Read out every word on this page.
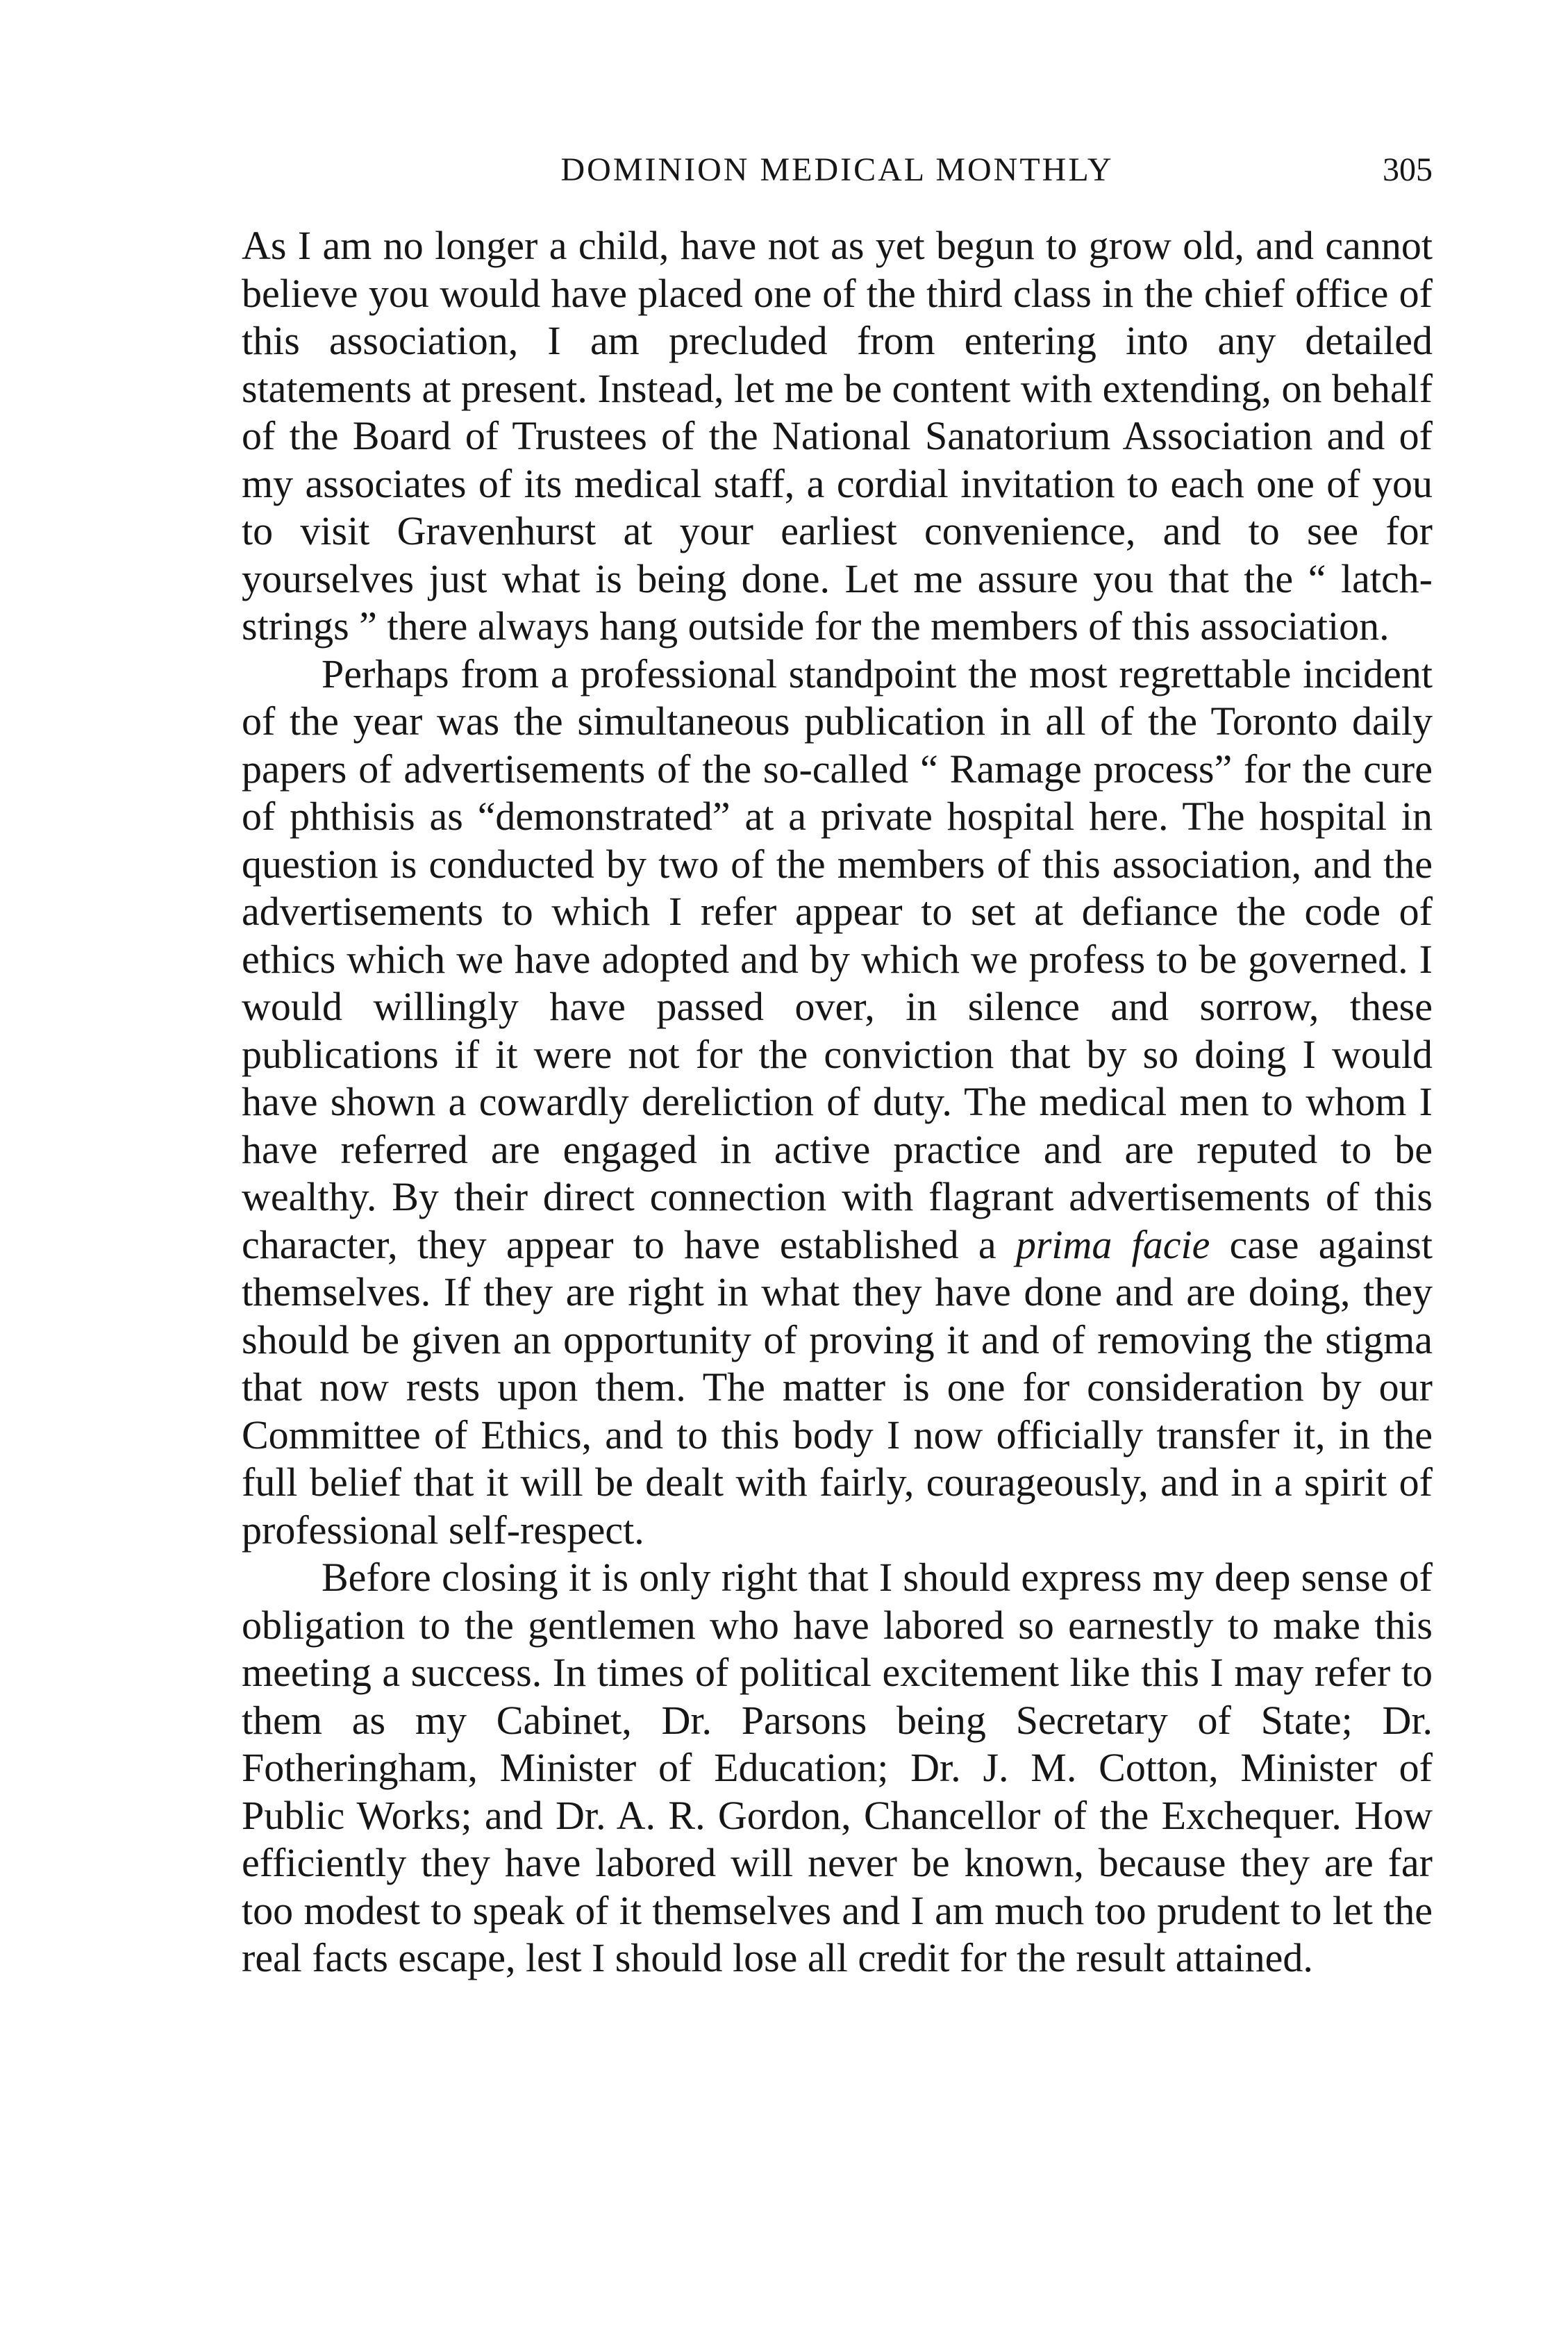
DOMINION MEDICAL MONTHLY	305

As I am no longer a child, have not as yet begun to grow old, and cannot believe you would have placed one of the third class in the chief office of this association, I am precluded from entering into any detailed statements at present. Instead, let me be content with extending, on behalf of the Board of Trustees of the National Sanatorium Association and of my associates of its medical staff, a cordial invitation to each one of you to visit Gravenhurst at your earliest convenience, and to see for yourselves just what is being done. Let me assure you that the “ latch-strings ” there always hang outside for the members of this association.

Perhaps from a professional standpoint the most regrettable incident of the year was the simultaneous publication in all of the Toronto daily papers of advertisements of the so-called “ Ramage process” for the cure of phthisis as “demonstrated” at a private hospital here. The hospital in question is conducted by two of the members of this association, and the advertisements to which I refer appear to set at defiance the code of ethics which we have adopted and by which we profess to be governed. I would willingly have passed over, in silence and sorrow, these publications if it were not for the conviction that by so doing I would have shown a cowardly dereliction of duty. The medical men to whom I have referred are engaged in active practice and are reputed to be wealthy. By their direct connection with flagrant advertisements of this character, they appear to have established a prima facie case against themselves. If they are right in what they have done and are doing, they should be given an opportunity of proving it and of removing the stigma that now rests upon them. The matter is one for consideration by our Committee of Ethics, and to this body I now officially transfer it, in the full belief that it will be dealt with fairly, courageously, and in a spirit of professional self-respect.

Before closing it is only right that I should express my deep sense of obligation to the gentlemen who have labored so earnestly to make this meeting a success. In times of political excitement like this I may refer to them as my Cabinet, Dr. Parsons being Secretary of State; Dr. Fotheringham, Minister of Education; Dr. J. M. Cotton, Minister of Public Works; and Dr. A. R. Gordon, Chancellor of the Exchequer. How efficiently they have labored will never be known, because they are far too modest to speak of it themselves and I am much too prudent to let the real facts escape, lest I should lose all credit for the result attained.
